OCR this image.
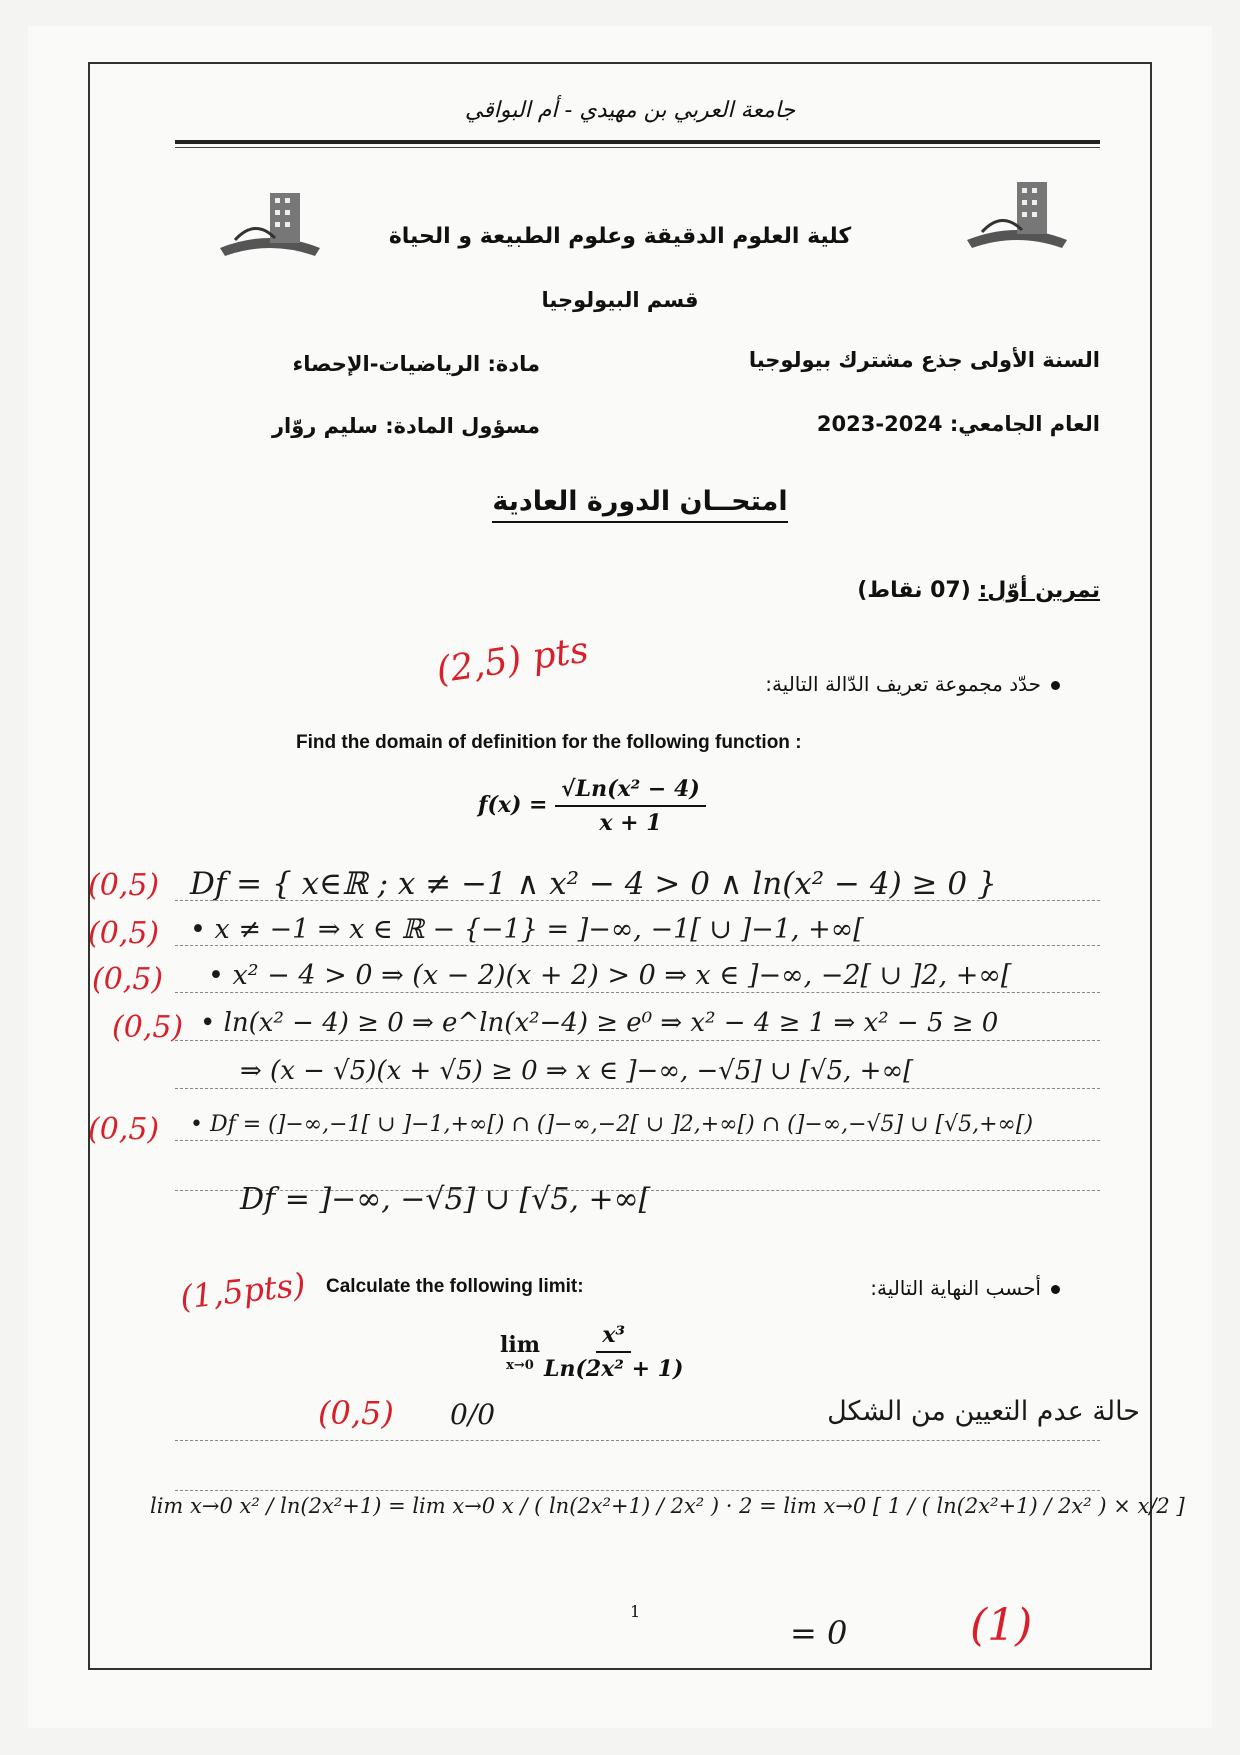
جامعة العربي بن مهيدي - أم البواقي
كلية العلوم الدقيقة وعلوم الطبيعة و الحياة
قسم البيولوجيا
السنة الأولى جذع مشترك بيولوجيا
مادة: الرياضيات-الإحصاء
العام الجامعي: 2024-2023
مسؤول المادة: سليم روّار
امتحــان الدورة العادية
تمرين أوّل: (07 نقاط)
(2,5) pts	حدّد مجموعة تعريف الدّالة التالية:
Find the domain of definition for the following function :
$f(x) = \frac{\text{√Ln(x² − 4)}}{x + 1}$
(0,5) Df = { x∈ℝ ; x ≠ −1 ∧ x² − 4 > 0 ∧ ln(x² − 4) ≥ 0 }
(0,5) • x ≠ −1 ⇒ x ∈ ℝ − {−1} = ]−∞, −1[ ∪ ]−1, +∞[
(0,5) • x² − 4 > 0 ⇒ (x − 2)(x + 2) > 0 ⇒ x ∈ ]−∞, −2[ ∪ ]2, +∞[
(0,5) • ln(x² − 4) ≥ 0 ⇒ e^ln(x²−4) ≥ e⁰ ⇒ x² − 4 ≥ 1 ⇒ x² − 5 ≥ 0
⇒ (x − √5)(x + √5) ≥ 0 ⇒ x ∈ ]−∞, −√5] ∪ [√5, +∞[
(0,5) • Df = (]−∞,−1[ ∪ ]−1,+∞[) ∩ (]−∞,−2[ ∪ ]2,+∞[) ∩ (]−∞,−√5] ∪ [√5,+∞[)
Df = ]−∞, −√5] ∪ [√5, +∞[
(1,5pts) Calculate the following limit:	أحسب النهاية التالية:
lim
$x\to 0 \frac{\text{x³}}{\text{Ln(2x² + 1)}}$
(0,5) 0/0	حالة عدم التعيين من الشكل
lim x→0 x² / ln(2x²+1) = lim x→0 x / ( ln(2x²+1) / 2x² ) · 2 = lim x→0 [ 1 / ( ln(2x²+1) / 2x² ) × x/2 ]
1
= 0	(1)
